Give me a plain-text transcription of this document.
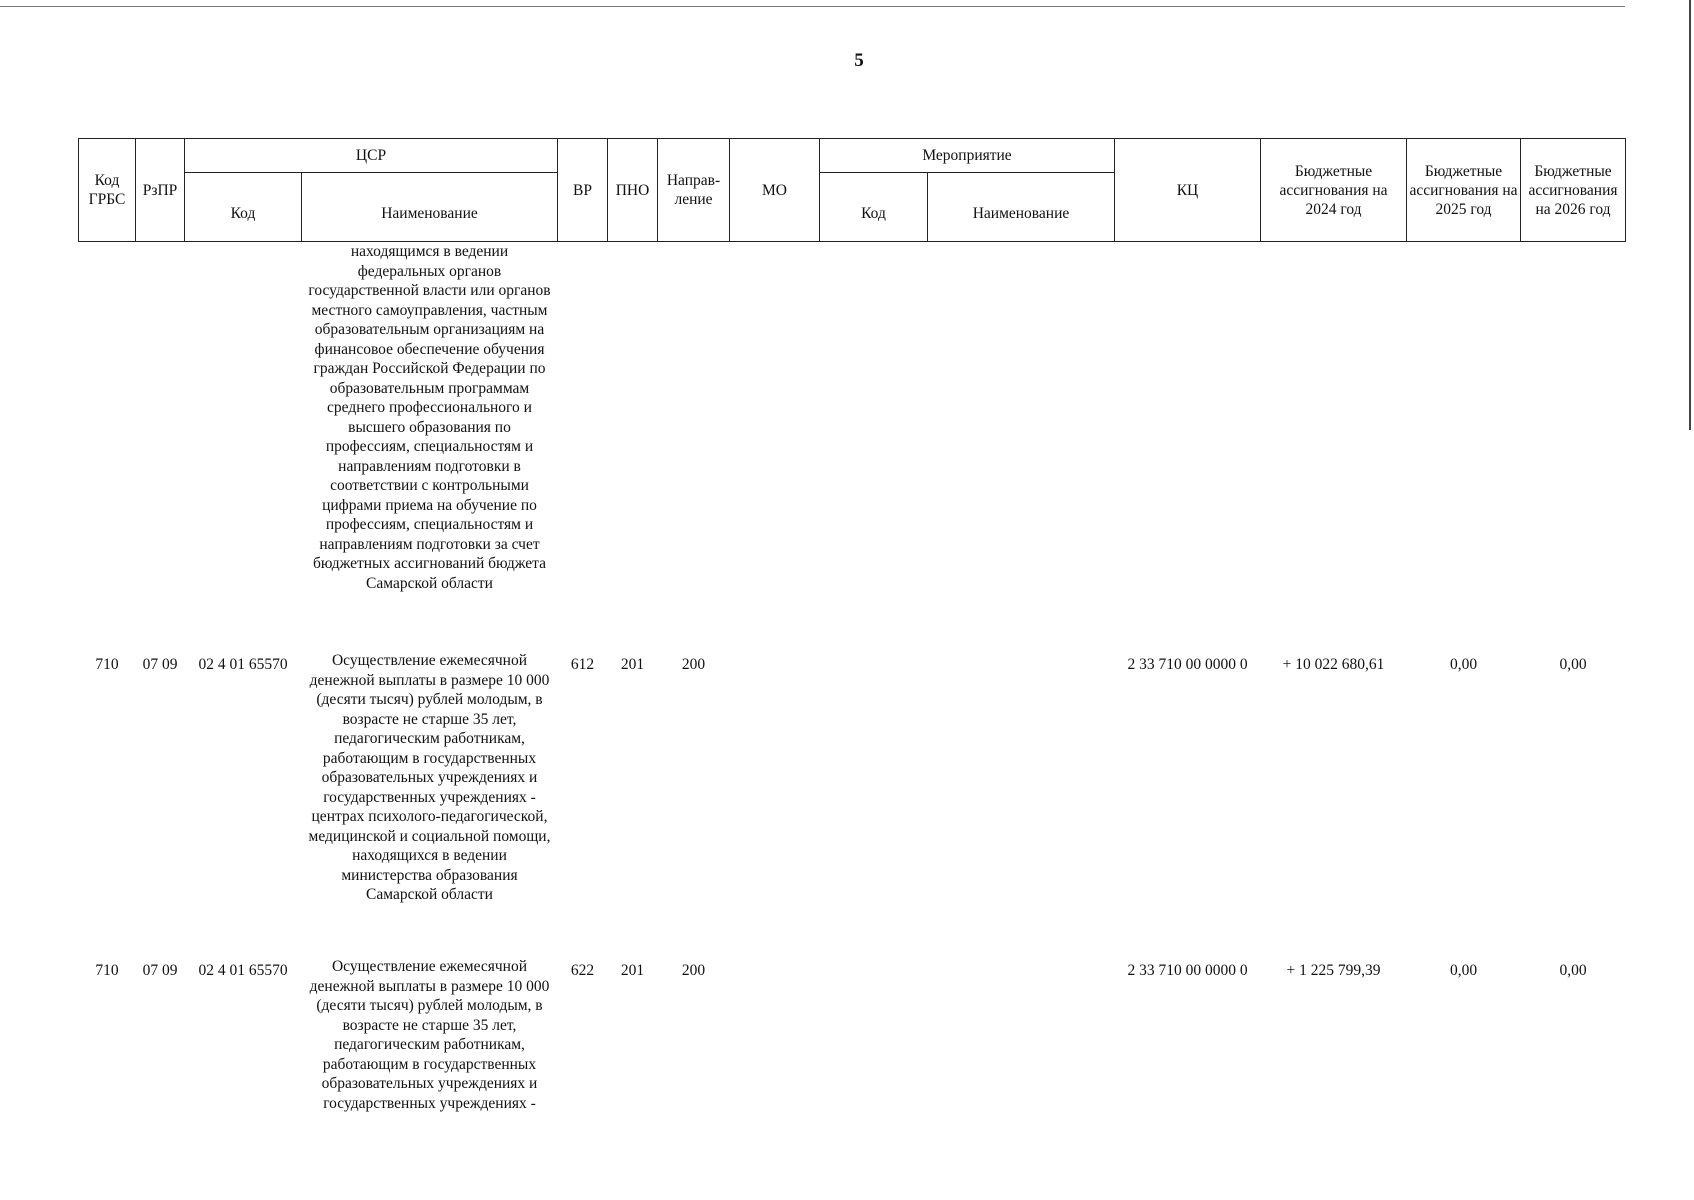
5
Код ГРБС	РзПР	ЦСР		ВР	ПНО	Направ-ление	МО	Мероприятие		КЦ	Бюджетные ассигнования на 2024 год	Бюджетные ассигнования на 2025 год	Бюджетные ассигнования на 2026 год
		Код	Наименование					Код	Наименование				
			находящимся в ведении федеральных органов государственной власти или органов местного самоуправления, частным образовательным организациям на финансовое обеспечение обучения граждан Российской Федерации по образовательным программам среднего профессионального и высшего образования по профессиям, специальностям и направлениям подготовки в соответствии с контрольными цифрами приема на обучение по профессиям, специальностям и направлениям подготовки за счет бюджетных ассигнований бюджета Самарской области										
710	07 09	02 4 01 65570	Осуществление ежемесячной денежной выплаты в размере 10 000 (десяти тысяч) рублей молодым, в возрасте не старше 35 лет, педагогическим работникам, работающим в государственных образовательных учреждениях и государственных учреждениях - центрах психолого-педагогической, медицинской и социальной помощи, находящихся в ведении министерства образования Самарской области	612	201	200				2 33 710 00 0000 0	+ 10 022 680,61	0,00	0,00
710	07 09	02 4 01 65570	Осуществление ежемесячной денежной выплаты в размере 10 000 (десяти тысяч) рублей молодым, в возрасте не старше 35 лет, педагогическим работникам, работающим в государственных образовательных учреждениях и государственных учреждениях -	622	201	200				2 33 710 00 0000 0	+ 1 225 799,39	0,00	0,00
